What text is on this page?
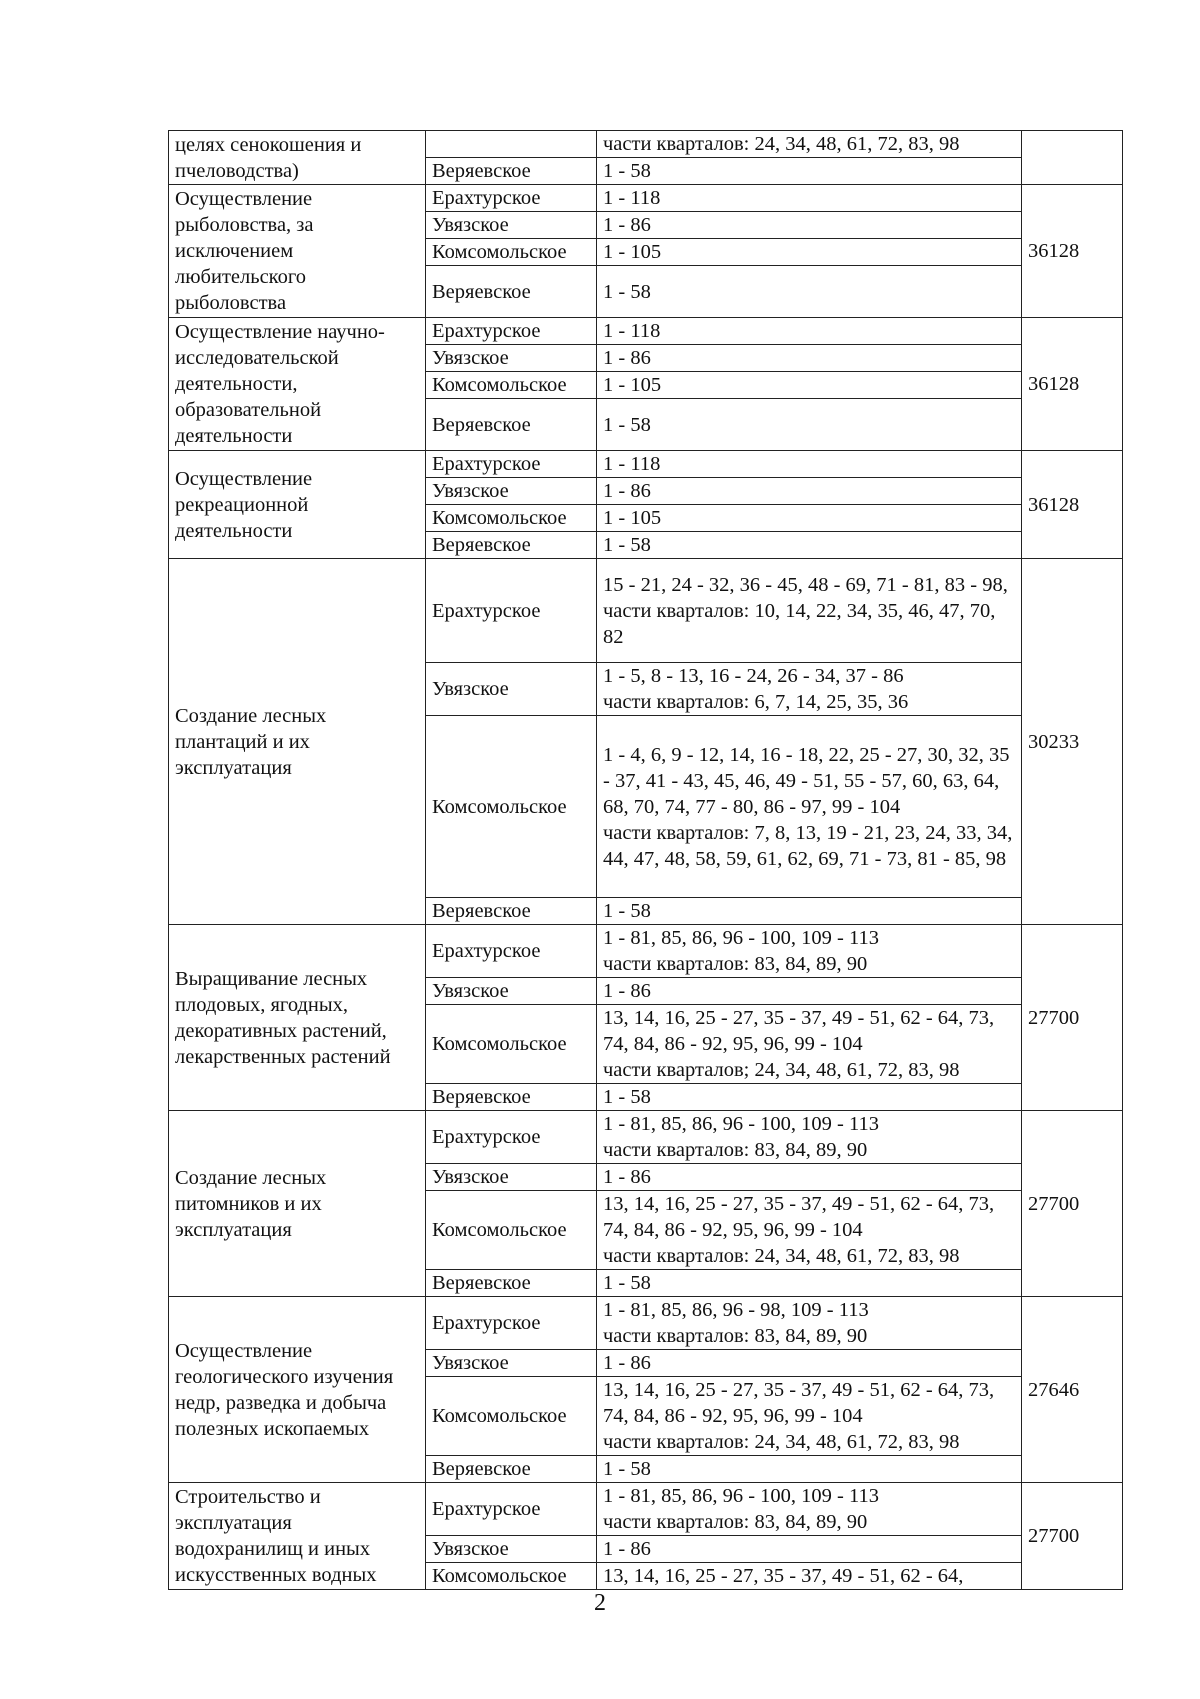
целях сенокошения и пчеловодства)		части кварталов: 24, 34, 48, 61, 72, 83, 98	
	Веряевское	1 - 58	
Осуществление рыболовства, за исключением любительского рыболовства	Ерахтурское	1 - 118	36128
	Увязское	1 - 86	
	Комсомольское	1 - 105	
	Веряевское	1 - 58	
Осуществление научно-исследовательской деятельности, образовательной деятельности	Ерахтурское	1 - 118	36128
	Увязское	1 - 86	
	Комсомольское	1 - 105	
	Веряевское	1 - 58	
Осуществление рекреационной деятельности	Ерахтурское	1 - 118	36128
	Увязское	1 - 86	
	Комсомольское	1 - 105	
	Веряевское	1 - 58	
Создание лесных плантаций и их эксплуатация	Ерахтурское	15 - 21, 24 - 32, 36 - 45, 48 - 69, 71 - 81, 83 - 98,
части кварталов: 10, 14, 22, 34, 35, 46, 47, 70, 82	30233
	Увязское	1 - 5, 8 - 13, 16 - 24, 26 - 34, 37 - 86
части кварталов: 6, 7, 14, 25, 35, 36	
	Комсомольское	1 - 4, 6, 9 - 12, 14, 16 - 18, 22, 25 - 27, 30, 32, 35 - 37, 41 - 43, 45, 46, 49 - 51, 55 - 57, 60, 63, 64, 68, 70, 74, 77 - 80, 86 - 97, 99 - 104
части кварталов: 7, 8, 13, 19 - 21, 23, 24, 33, 34, 44, 47, 48, 58, 59, 61, 62, 69, 71 - 73, 81 - 85, 98	
	Веряевское	1 - 58	
Выращивание лесных плодовых, ягодных, декоративных растений, лекарственных растений	Ерахтурское	1 - 81, 85, 86, 96 - 100, 109 - 113
части кварталов: 83, 84, 89, 90	27700
	Увязское	1 - 86	
	Комсомольское	13, 14, 16, 25 - 27, 35 - 37, 49 - 51, 62 - 64, 73, 74, 84, 86 - 92, 95, 96, 99 - 104
части кварталов; 24, 34, 48, 61, 72, 83, 98	
	Веряевское	1 - 58	
Создание лесных питомников и их эксплуатация	Ерахтурское	1 - 81, 85, 86, 96 - 100, 109 - 113
части кварталов: 83, 84, 89, 90	27700
	Увязское	1 - 86	
	Комсомольское	13, 14, 16, 25 - 27, 35 - 37, 49 - 51, 62 - 64, 73, 74, 84, 86 - 92, 95, 96, 99 - 104
части кварталов: 24, 34, 48, 61, 72, 83, 98	
	Веряевское	1 - 58	
Осуществление геологического изучения недр, разведка и добыча полезных ископаемых	Ерахтурское	1 - 81, 85, 86, 96 - 98, 109 - 113
части кварталов: 83, 84, 89, 90	27646
	Увязское	1 - 86	
	Комсомольское	13, 14, 16, 25 - 27, 35 - 37, 49 - 51, 62 - 64, 73, 74, 84, 86 - 92, 95, 96, 99 - 104
части кварталов: 24, 34, 48, 61, 72, 83, 98	
	Веряевское	1 - 58	
Строительство и эксплуатация водохранилищ и иных искусственных водных	Ерахтурское	1 - 81, 85, 86, 96 - 100, 109 - 113
части кварталов: 83, 84, 89, 90	27700
	Увязское	1 - 86	
	Комсомольское	13, 14, 16, 25 - 27, 35 - 37, 49 - 51, 62 - 64,	
2
